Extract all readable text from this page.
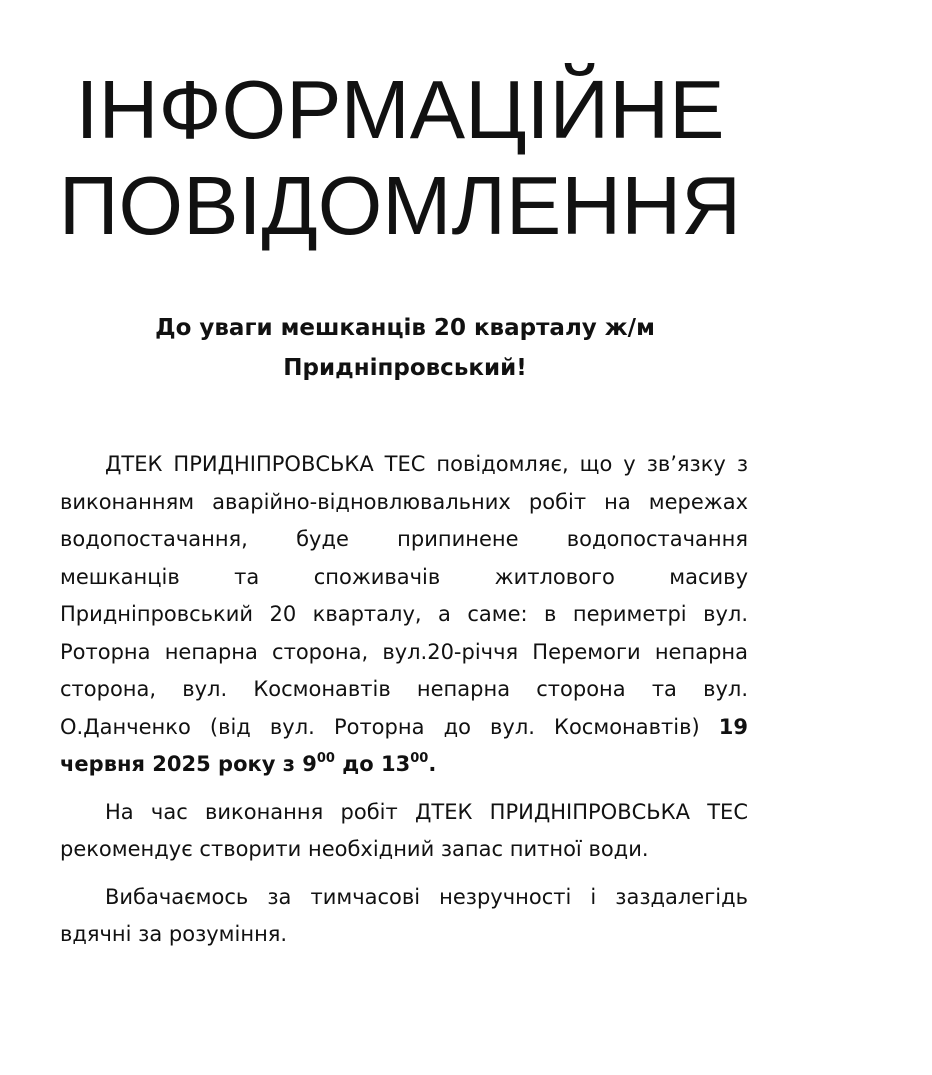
ІНФОРМАЦІЙНЕ
ПОВІДОМЛЕННЯ
До уваги мешканців 20 кварталу ж/м
Придніпровський!

ДТЕК ПРИДНІПРОВСЬКА ТЕС повідомляє, що у зв’язку з виконанням аварійно-відновлювальних робіт на мережах водопостачання, буде припинене водопостачання мешканців та споживачів житлового масиву Придніпровський 20 кварталу, а саме: в периметрі вул. Роторна непарна сторона, вул.20-річчя Перемоги непарна сторона, вул. Космонавтів непарна сторона та вул. О.Данченко (від вул. Роторна до вул. Космонавтів) 19 червня 2025 року з $9^{00}$ до $13^{00}$.

На час виконання робіт ДТЕК ПРИДНІПРОВСЬКА ТЕС рекомендує створити необхідний запас питної води.

Вибачаємось за тимчасові незручності і заздалегідь вдячні за розуміння.
